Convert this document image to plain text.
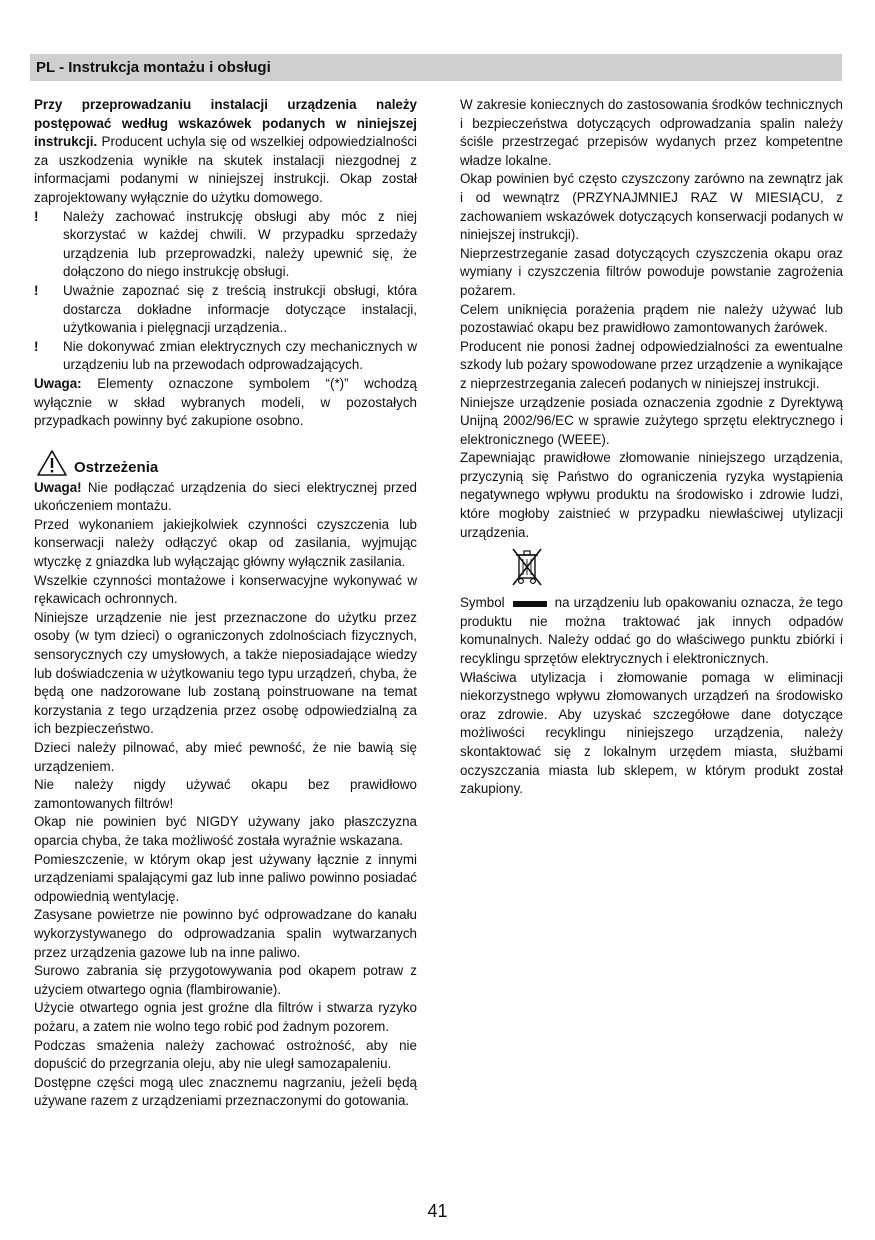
PL - Instrukcja montażu i obsługi

Przy przeprowadzaniu instalacji urządzenia należy postępować według wskazówek podanych w niniejszej instrukcji. Producent uchyla się od wszelkiej odpowiedzialności za uszkodzenia wynikłe na skutek instalacji niezgodnej z informacjami podanymi w niniejszej instrukcji. Okap został zaprojektowany wyłącznie do użytku domowego.

!	Należy zachować instrukcję obsługi aby móc z niej skorzystać w każdej chwili. W przypadku sprzedaży urządzenia lub przeprowadzki, należy upewnić się, że dołączono do niego instrukcję obsługi.
!	Uważnie zapoznać się z treścią instrukcji obsługi, która dostarcza dokładne informacje dotyczące instalacji, użytkowania i pielęgnacji urządzenia..
!	Nie dokonywać zmian elektrycznych czy mechanicznych w urządzeniu lub na przewodach odprowadzających.

Uwaga: Elementy oznaczone symbolem “(*)” wchodzą wyłącznie w skład wybranych modeli, w pozostałych przypadkach powinny być zakupione osobno.

Ostrzeżenia

Uwaga! Nie podłączać urządzenia do sieci elektrycznej przed ukończeniem montażu.

Przed wykonaniem jakiejkolwiek czynności czyszczenia lub konserwacji należy odłączyć okap od zasilania, wyjmując wtyczkę z gniazdka lub wyłączając główny wyłącznik zasilania.

Wszelkie czynności montażowe i konserwacyjne wykonywać w rękawicach ochronnych.

Niniejsze urządzenie nie jest przeznaczone do użytku przez osoby (w tym dzieci) o ograniczonych zdolnościach fizycznych, sensorycznych czy umysłowych, a także nieposiadające wiedzy lub doświadczenia w użytkowaniu tego typu urządzeń, chyba, że będą one nadzorowane lub zostaną poinstruowane na temat korzystania z tego urządzenia przez osobę odpowiedzialną za ich bezpieczeństwo.

Dzieci należy pilnować, aby mieć pewność, że nie bawią się urządzeniem.

Nie należy nigdy używać okapu bez prawidłowo zamontowanych filtrów!

Okap nie powinien być NIGDY używany jako płaszczyzna oparcia chyba, że taka możliwość została wyraźnie wskazana.

Pomieszczenie, w którym okap jest używany łącznie z innymi urządzeniami spalającymi gaz lub inne paliwo powinno posiadać odpowiednią wentylację.

Zasysane powietrze nie powinno być odprowadzane do kanału wykorzystywanego do odprowadzania spalin wytwarzanych przez urządzenia gazowe lub na inne paliwo.

Surowo zabrania się przygotowywania pod okapem potraw z użyciem otwartego ognia (flambirowanie).

Użycie otwartego ognia jest groźne dla filtrów i stwarza ryzyko pożaru, a zatem nie wolno tego robić pod żadnym pozorem.

Podczas smażenia należy zachować ostrożność, aby nie dopuścić do przegrzania oleju, aby nie uległ samozapaleniu.

Dostępne części mogą ulec znacznemu nagrzaniu, jeżeli będą używane razem z urządzeniami przeznaczonymi do gotowania.

W zakresie koniecznych do zastosowania środków technicznych i bezpieczeństwa dotyczących odprowadzania spalin należy ściśle przestrzegać przepisów wydanych przez kompetentne władze lokalne.

Okap powinien być często czyszczony zarówno na zewnątrz jak i od wewnątrz (PRZYNAJMNIEJ RAZ W MIESIĄCU, z zachowaniem wskazówek dotyczących konserwacji podanych w niniejszej instrukcji).

Nieprzestrzeganie zasad dotyczących czyszczenia okapu oraz wymiany i czyszczenia filtrów powoduje powstanie zagrożenia pożarem.

Celem uniknięcia porażenia prądem nie należy używać lub pozostawiać okapu bez prawidłowo zamontowanych żarówek.

Producent nie ponosi żadnej odpowiedzialności za ewentualne szkody lub pożary spowodowane przez urządzenie a wynikające z nieprzestrzegania zaleceń podanych w niniejszej instrukcji.

Niniejsze urządzenie posiada oznaczenia zgodnie z Dyrektywą Unijną 2002/96/EC w sprawie zużytego sprzętu elektrycznego i elektronicznego (WEEE).

Zapewniając prawidłowe złomowanie niniejszego urządzenia, przyczynią się Państwo do ograniczenia ryzyka wystąpienia negatywnego wpływu produktu na środowisko i zdrowie ludzi, które mogłoby zaistnieć w przypadku niewłaściwej utylizacji urządzenia.

Symbol	na urządzeniu lub opakowaniu oznacza, że tego produktu nie można traktować jak innych odpadów komunalnych. Należy oddać go do właściwego punktu zbiórki i recyklingu sprzętów elektrycznych i elektronicznych.

Właściwa utylizacja i złomowanie pomaga w eliminacji niekorzystnego wpływu złomowanych urządzeń na środowisko oraz zdrowie. Aby uzyskać szczegółowe dane dotyczące możliwości recyklingu niniejszego urządzenia, należy skontaktować się z lokalnym urzędem miasta, służbami oczyszczania miasta lub sklepem, w którym produkt został zakupiony.

41
